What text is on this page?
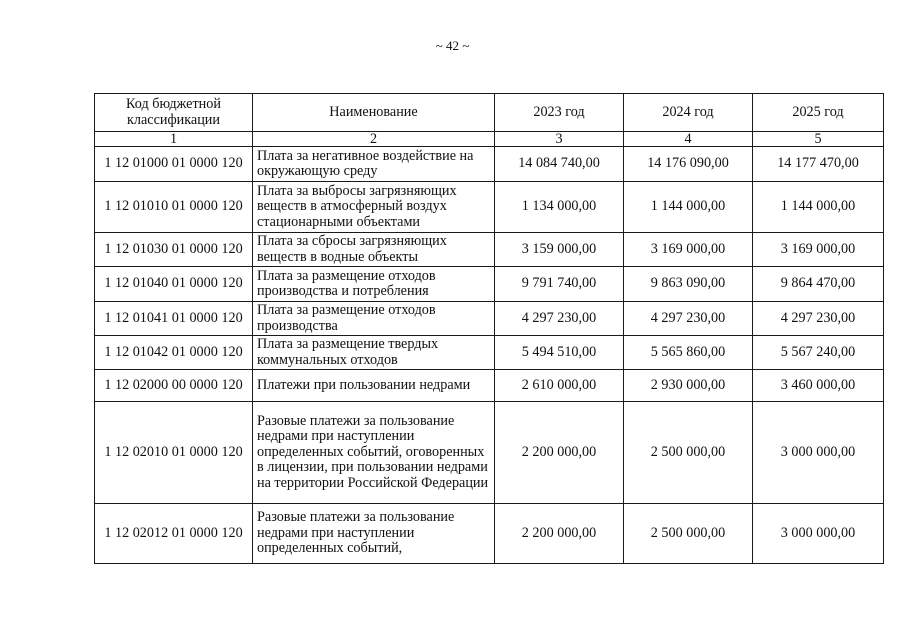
~ 42 ~
Код бюджетной классификации	Наименование	2023 год	2024 год	2025 год
1	2	3	4	5
1 12 01000 01 0000 120	Плата за негативное воздействие на окружающую среду	14 084 740,00	14 176 090,00	14 177 470,00
1 12 01010 01 0000 120	Плата за выбросы загрязняющих веществ в атмосферный воздух стационарными объектами	1 134 000,00	1 144 000,00	1 144 000,00
1 12 01030 01 0000 120	Плата за сбросы загрязняющих веществ в водные объекты	3 159 000,00	3 169 000,00	3 169 000,00
1 12 01040 01 0000 120	Плата за размещение отходов производства и потребления	9 791 740,00	9 863 090,00	9 864 470,00
1 12 01041 01 0000 120	Плата за размещение отходов производства	4 297 230,00	4 297 230,00	4 297 230,00
1 12 01042 01 0000 120	Плата за размещение твердых коммунальных отходов	5 494 510,00	5 565 860,00	5 567 240,00
1 12 02000 00 0000 120	Платежи при пользовании недрами	2 610 000,00	2 930 000,00	3 460 000,00
1 12 02010 01 0000 120	Разовые платежи за пользование недрами при наступлении определенных событий, оговоренных в лицензии, при пользовании недрами на территории Российской Федерации	2 200 000,00	2 500 000,00	3 000 000,00
1 12 02012 01 0000 120	Разовые платежи за пользование недрами при наступлении определенных событий,	2 200 000,00	2 500 000,00	3 000 000,00
